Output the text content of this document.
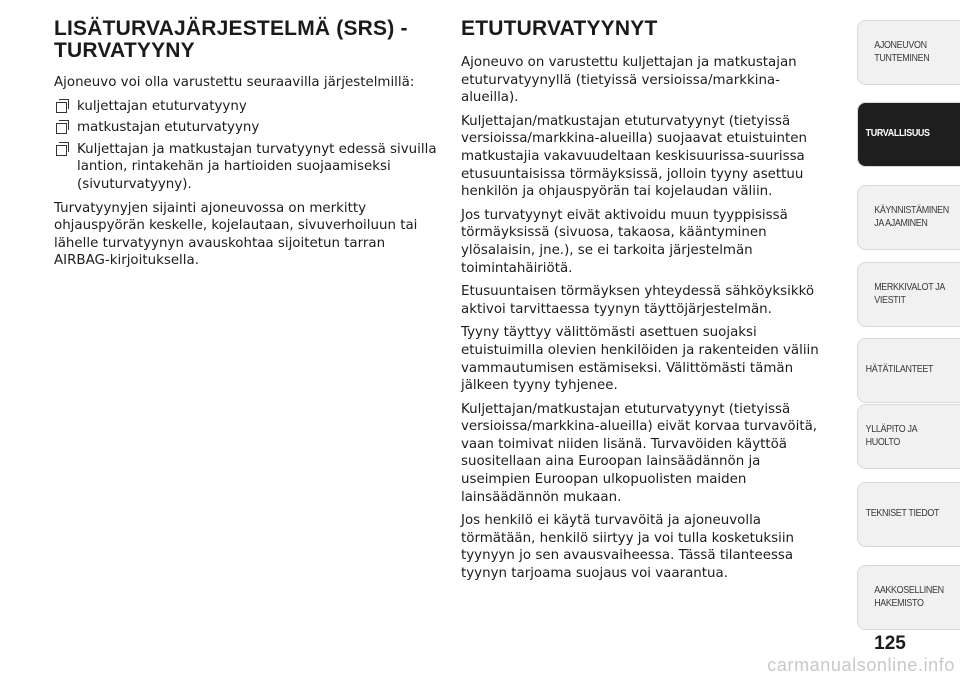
LISÄTURVAJÄRJESTELMÄ (SRS) - TURVATYYNY

Ajoneuvo voi olla varustettu seuraavilla järjestelmillä:

kuljettajan etuturvatyyny
matkustajan etuturvatyyny
Kuljettajan ja matkustajan turvatyynyt edessä sivuilla lantion, rintakehän ja hartioiden suojaamiseksi (sivuturvatyyny).

Turvatyynyjen sijainti ajoneuvossa on merkitty ohjauspyörän keskelle, kojelautaan, sivuverhoiluun tai lähelle turvatyynyn avauskohtaa sijoitetun tarran AIRBAG-kirjoituksella.

ETUTURVATYYNYT

Ajoneuvo on varustettu kuljettajan ja matkustajan etuturvatyynyllä (tietyissä versioissa/markkina-alueilla).

Kuljettajan/matkustajan etuturvatyynyt (tietyissä versioissa/markkina-alueilla) suojaavat etuistuinten matkustajia vakavuudeltaan keskisuurissa-suurissa etusuuntaisissa törmäyksissä, jolloin tyyny asettuu henkilön ja ohjauspyörän tai kojelaudan väliin.

Jos turvatyynyt eivät aktivoidu muun tyyppisissä törmäyksissä (sivuosa, takaosa, kääntyminen ylösalaisin, jne.), se ei tarkoita järjestelmän toimintahäiriötä.

Etusuuntaisen törmäyksen yhteydessä sähköyksikkö aktivoi tarvittaessa tyynyn täyttöjärjestelmän.

Tyyny täyttyy välittömästi asettuen suojaksi etuistuimilla olevien henkilöiden ja rakenteiden väliin vammautumisen estämiseksi. Välittömästi tämän jälkeen tyyny tyhjenee.

Kuljettajan/matkustajan etuturvatyynyt (tietyissä versioissa/markkina-alueilla) eivät korvaa turvavöitä, vaan toimivat niiden lisänä. Turvavöiden käyttöä suositellaan aina Euroopan lainsäädännön ja useimpien Euroopan ulkopuolisten maiden lainsäädännön mukaan.

Jos henkilö ei käytä turvavöitä ja ajoneuvolla törmätään, henkilö siirtyy ja voi tulla kosketuksiin tyynyyn jo sen avausvaiheessa. Tässä tilanteessa tyynyn tarjoama suojaus voi vaarantua.

AJONEUVON
TUNTEMINEN
TURVALLISUUS
KÄYNNISTÄMINEN
JA AJAMINEN
MERKKIVALOT JA
VIESTIT
HÄTÄTILANTEET
YLLÄPITO JA HUOLTO
TEKNISET TIEDOT
AAKKOSELLINEN
HAKEMISTO
125
carmanualsonline.info
